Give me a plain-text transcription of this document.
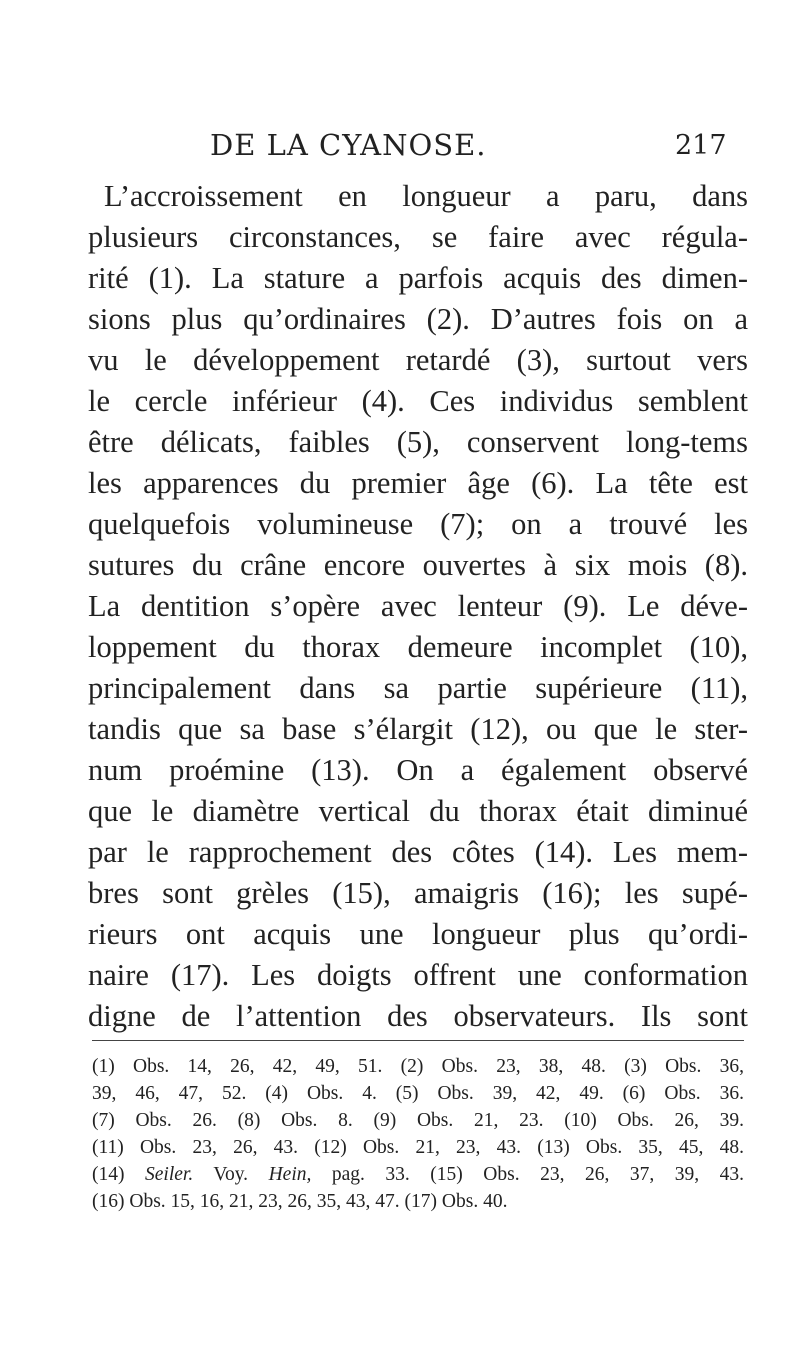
DE LA CYANOSE.	217
L’accroissement en longueur a paru, dans
plusieurs circonstances, se faire avec régula-
rité (1). La stature a parfois acquis des dimen-
sions plus qu’ordinaires (2). D’autres fois on a
vu le développement retardé (3), surtout vers
le cercle inférieur (4). Ces individus semblent
être délicats, faibles (5), conservent long-tems
les apparences du premier âge (6). La tête est
quelquefois volumineuse (7); on a trouvé les
sutures du crâne encore ouvertes à six mois (8).
La dentition s’opère avec lenteur (9). Le déve-
loppement du thorax demeure incomplet (10),
principalement dans sa partie supérieure (11),
tandis que sa base s’élargit (12), ou que le ster-
num proémine (13). On a également observé
que le diamètre vertical du thorax était diminué
par le rapprochement des côtes (14). Les mem-
bres sont grèles (15), amaigris (16); les supé-
rieurs ont acquis une longueur plus qu’ordi-
naire (17). Les doigts offrent une conformation
digne de l’attention des observateurs. Ils sont
(1) Obs. 14, 26, 42, 49, 51. (2) Obs. 23, 38, 48. (3) Obs. 36,
39, 46, 47, 52. (4) Obs. 4. (5) Obs. 39, 42, 49. (6) Obs. 36.
(7) Obs. 26. (8) Obs. 8. (9) Obs. 21, 23. (10) Obs. 26, 39.
(11) Obs. 23, 26, 43. (12) Obs. 21, 23, 43. (13) Obs. 35, 45, 48.
(14) Seiler. Voy. Hein, pag. 33. (15) Obs. 23, 26, 37, 39, 43.
(16) Obs. 15, 16, 21, 23, 26, 35, 43, 47. (17) Obs. 40.
